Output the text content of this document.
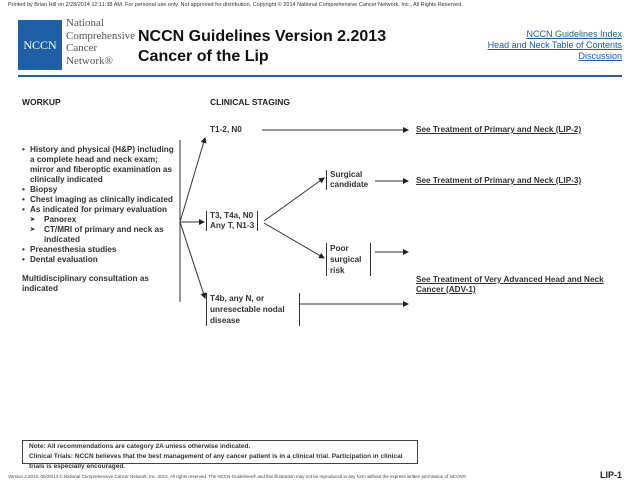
Printed by Brian Hill on 2/28/2014 12:11:38 AM. For personal use only. Not approved for distribution. Copyright © 2014 National Comprehensive Cancer Network, Inc., All Rights Reserved.
NCCN
National
Comprehensive
Cancer
Network®
NCCN Guidelines Version 2.2013
Cancer of the Lip
NCCN Guidelines Index
Head and Neck Table of Contents
Discussion
WORKUP	CLINICAL STAGING
• History and physical (H&P) including a complete head and neck exam; mirror and fiberoptic examination as clinically indicated
• Biopsy
• Chest imaging as clinically indicated
• As indicated for primary evaluation
➤ Panorex
➤ CT/MRI of primary and neck as indicated
• Preanesthesia studies
• Dental evaluation
Multidisciplinary consultation as indicated
T1-2, N0
T3, T4a, N0
Any T, N1-3
T4b, any N, or unresectable nodal disease
Surgical candidate
Poor surgical risk
See Treatment of Primary and Neck (LIP-2)
See Treatment of Primary and Neck (LIP-3)
See Treatment of Very Advanced Head and Neck Cancer (ADV-1)
Note: All recommendations are category 2A unless otherwise indicated.
Clinical Trials: NCCN believes that the best management of any cancer patient is in a clinical trial. Participation in clinical trials is especially encouraged.
Version 2.2013, 05/29/13 © National Comprehensive Cancer Network, Inc. 2013, All rights reserved. The NCCN Guidelines® and this illustration may not be reproduced in any form without the express written permission of NCCN®.	LIP-1
